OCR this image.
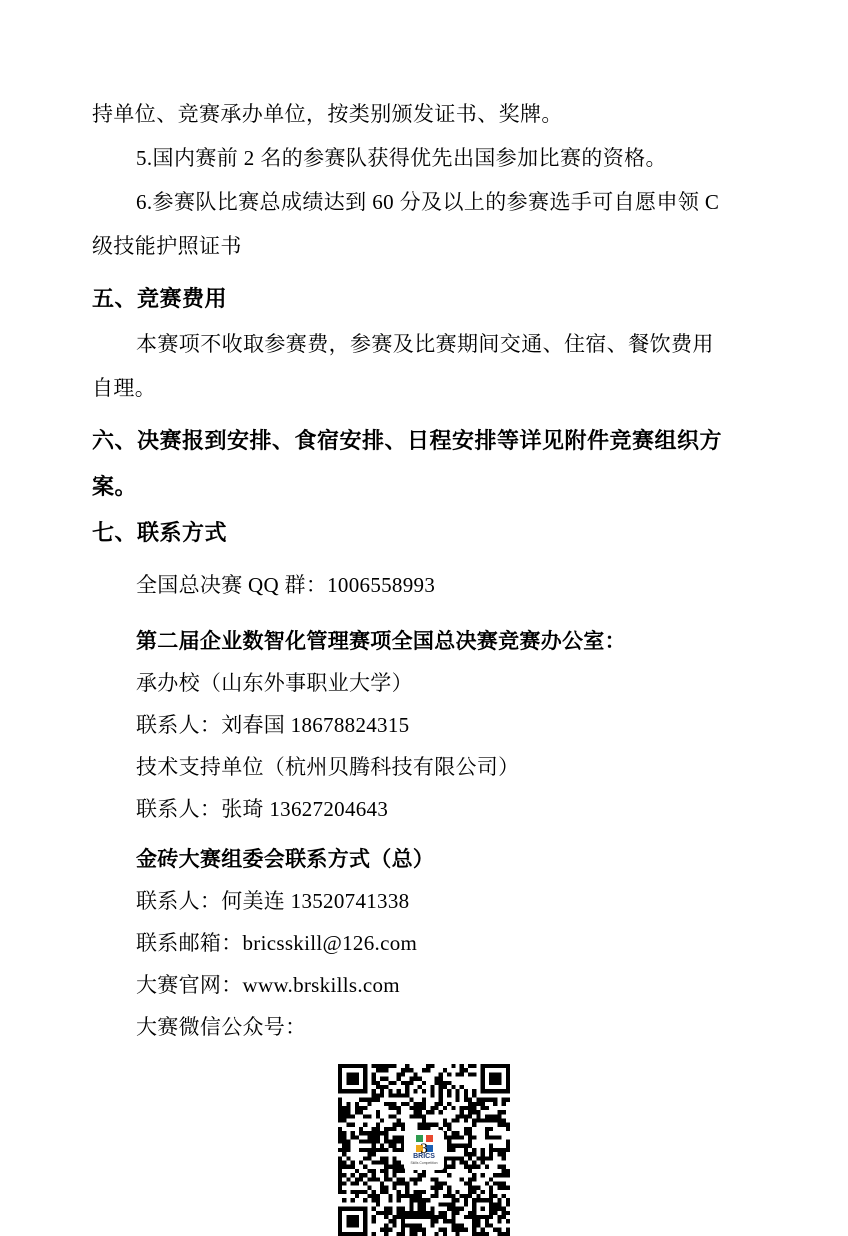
持单位、竞赛承办单位，按类别颁发证书、奖牌。

5.国内赛前 2 名的参赛队获得优先出国参加比赛的资格。

6.参赛队比赛总成绩达到 60 分及以上的参赛选手可自愿申领 C

级技能护照证书

五、竞赛费用

本赛项不收取参赛费，参赛及比赛期间交通、住宿、餐饮费用

自理。

六、决赛报到安排、食宿安排、日程安排等详见附件竞赛组织方案。
七、联系方式

全国总决赛 QQ 群：1006558993

第二届企业数智化管理赛项全国总决赛竞赛办公室：

承办校（山东外事职业大学）

联系人：刘春国 18678824315

技术支持单位（杭州贝腾科技有限公司）

联系人：张琦 13627204643

金砖大赛组委会联系方式（总）

联系人：何美连 13520741338

联系邮箱：bricsskill@126.com

大赛官网：www.brskills.com

大赛微信公众号：

BRICS
Skills Competition
3
